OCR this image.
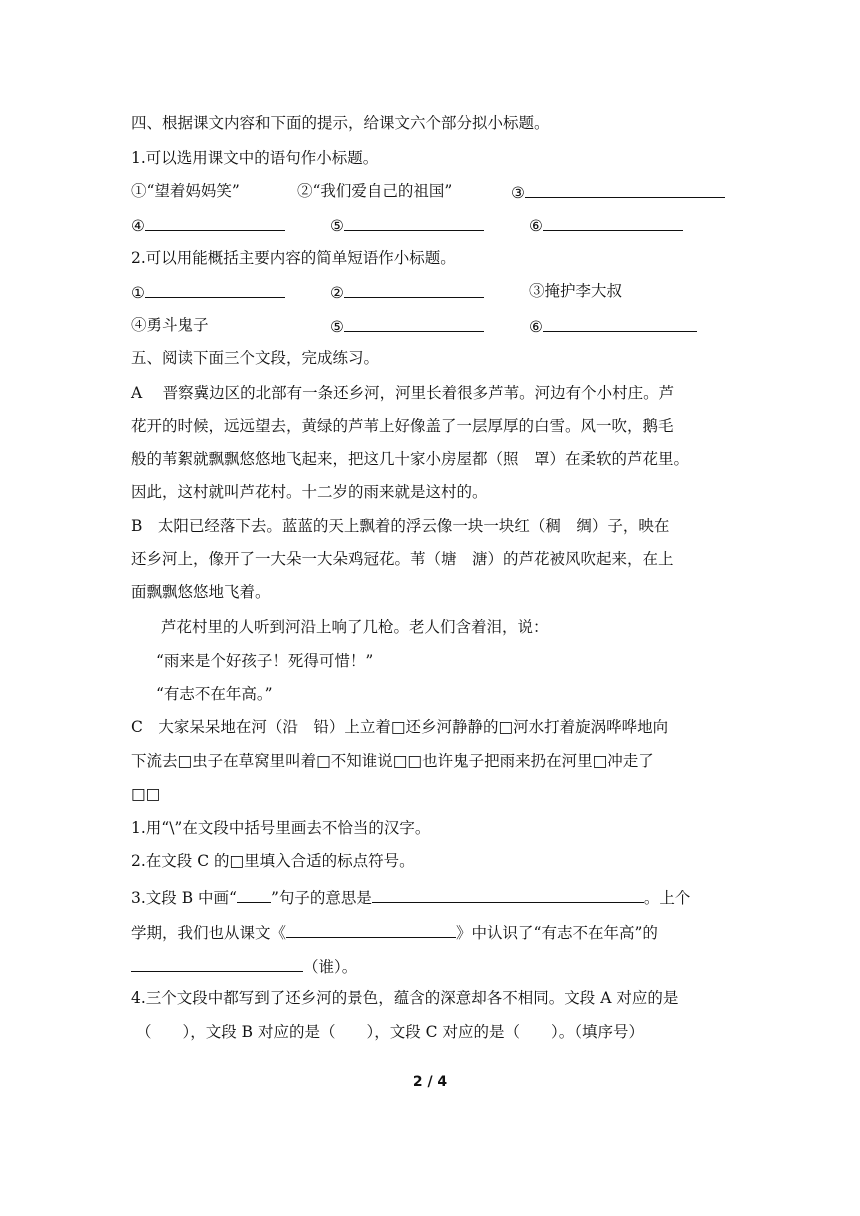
四、根据课文内容和下面的提示，给课文六个部分拟小标题。
1.可以选用课文中的语句作小标题。
①“望着妈妈笑”	②“我们爱自己的祖国”	③
④	⑤	⑥
2.可以用能概括主要内容的简单短语作小标题。
①	②	③掩护李大叔
④勇斗鬼子	⑤	⑥
五、阅读下面三个文段，完成练习。
A　 晋察冀边区的北部有一条还乡河，河里长着很多芦苇。河边有个小村庄。芦
花开的时候，远远望去，黄绿的芦苇上好像盖了一层厚厚的白雪。风一吹，鹅毛
般的苇絮就飘飘悠悠地飞起来，把这几十家小房屋都（照　罩）在柔软的芦花里。
因此，这村就叫芦花村。十二岁的雨来就是这村的。
B　太阳已经落下去。蓝蓝的天上飘着的浮云像一块一块红（稠　绸）子，映在
还乡河上，像开了一大朵一大朵鸡冠花。苇（塘　溏）的芦花被风吹起来，在上
面飘飘悠悠地飞着。
芦花村里的人听到河沿上响了几枪。老人们含着泪，说：
“雨来是个好孩子！死得可惜！”
“有志不在年高。”
C　大家呆呆地在河（沿　铅）上立着□还乡河静静的□河水打着旋涡哗哗地向
下流去□虫子在草窝里叫着□不知谁说□□也许鬼子把雨来扔在河里□冲走了
□□
1.用“\”在文段中括号里画去不恰当的汉字。
2.在文段 C 的□里填入合适的标点符号。
3.文段 B 中画“ ”句子的意思是	。上个
学期，我们也从课文《	》中认识了“有志不在年高”的
（谁）。
4.三个文段中都写到了还乡河的景色，蕴含的深意却各不相同。文段 A 对应的是
（　　），文段 B 对应的是（　　），文段 C 对应的是（　　）。（填序号）
2 / 4
